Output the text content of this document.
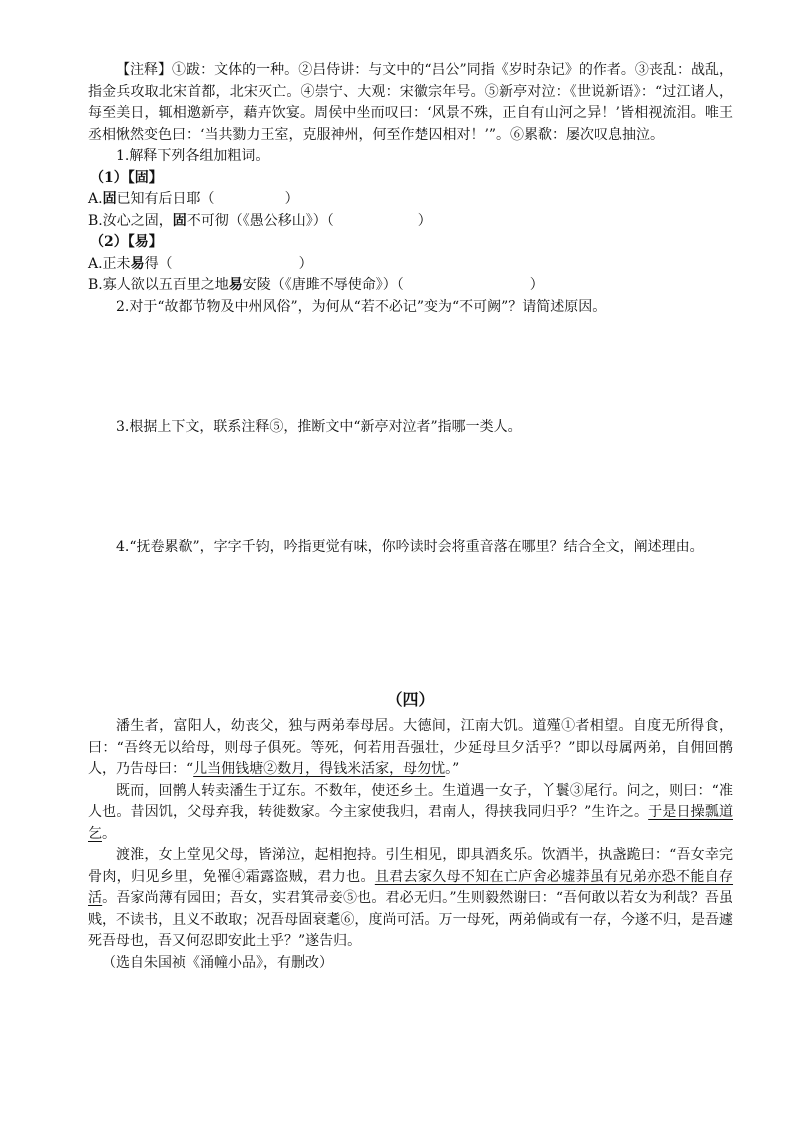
【注释】①跋：文体的一种。②吕侍讲：与文中的“吕公”同指《岁时杂记》的作者。③丧乱：战乱，指金兵攻取北宋首都，北宋灭亡。④崇宁、大观：宋徽宗年号。⑤新亭对泣：《世说新语》：“过江诸人，每至美日，辄相邀新亭，藉卉饮宴。周侯中坐而叹曰：‘风景不殊，正自有山河之异！’皆相视流泪。唯王丞相愀然变色曰：‘当共勠力王室，克服神州，何至作楚囚相对！’”。⑥累欷：屡次叹息抽泣。

1.解释下列各组加粗词。

（1）【固】

A.固已知有后日耶（	）

B.汝心之固，固不可彻（《愚公移山》）（	）

（2）【易】

A.正未易得（	）

B.寡人欲以五百里之地易安陵（《唐雎不辱使命》）（	）

2.对于“故都节物及中州风俗”，为何从“若不必记”变为“不可阙”？请简述原因。

3.根据上下文，联系注释⑤，推断文中“新亭对泣者”指哪一类人。

4.“抚卷累欷”，字字千钧，吟指更觉有味，你吟读时会将重音落在哪里？结合全文，阐述理由。

（四）

潘生者，富阳人，幼丧父，独与两弟奉母居。大德间，江南大饥。道殣①者相望。自度无所得食，曰：“吾终无以给母，则母子俱死。等死，何若用吾强壮，少延母旦夕活乎？”即以母属两弟，自佣回鹘人，乃告母曰：“儿当佣钱塘②数月，得钱米活家，母勿忧。”

既而，回鹘人转卖潘生于辽东。不数年，使还乡土。生道遇一女子，丫鬟③尾行。问之，则曰：“准人也。昔因饥，父母弃我，转徙数家。今主家使我归，君南人，得挟我同归乎？”生许之。于是日操瓢道乞。

渡淮，女上堂见父母，皆涕泣，起相抱持。引生相见，即具酒炙乐。饮酒半，执盏跪曰：“吾女幸完骨肉，归见乡里，免罹④霜露盗贼，君力也。且君去家久母不知在亡庐舍必墟莽虽有兄弟亦恐不能自存活。吾家尚薄有园田；吾女，实君箕帚妾⑤也。君必无归。”生则毅然谢曰：“吾何敢以若女为利哉？吾虽贱，不读书，且义不敢取；况吾母固衰耄⑥，度尚可活。万一母死，两弟倘或有一存，今遂不归，是吾遽死吾母也，吾又何忍即安此土乎？”遂告归。

（选自朱国祯《涌幢小品》，有删改）
